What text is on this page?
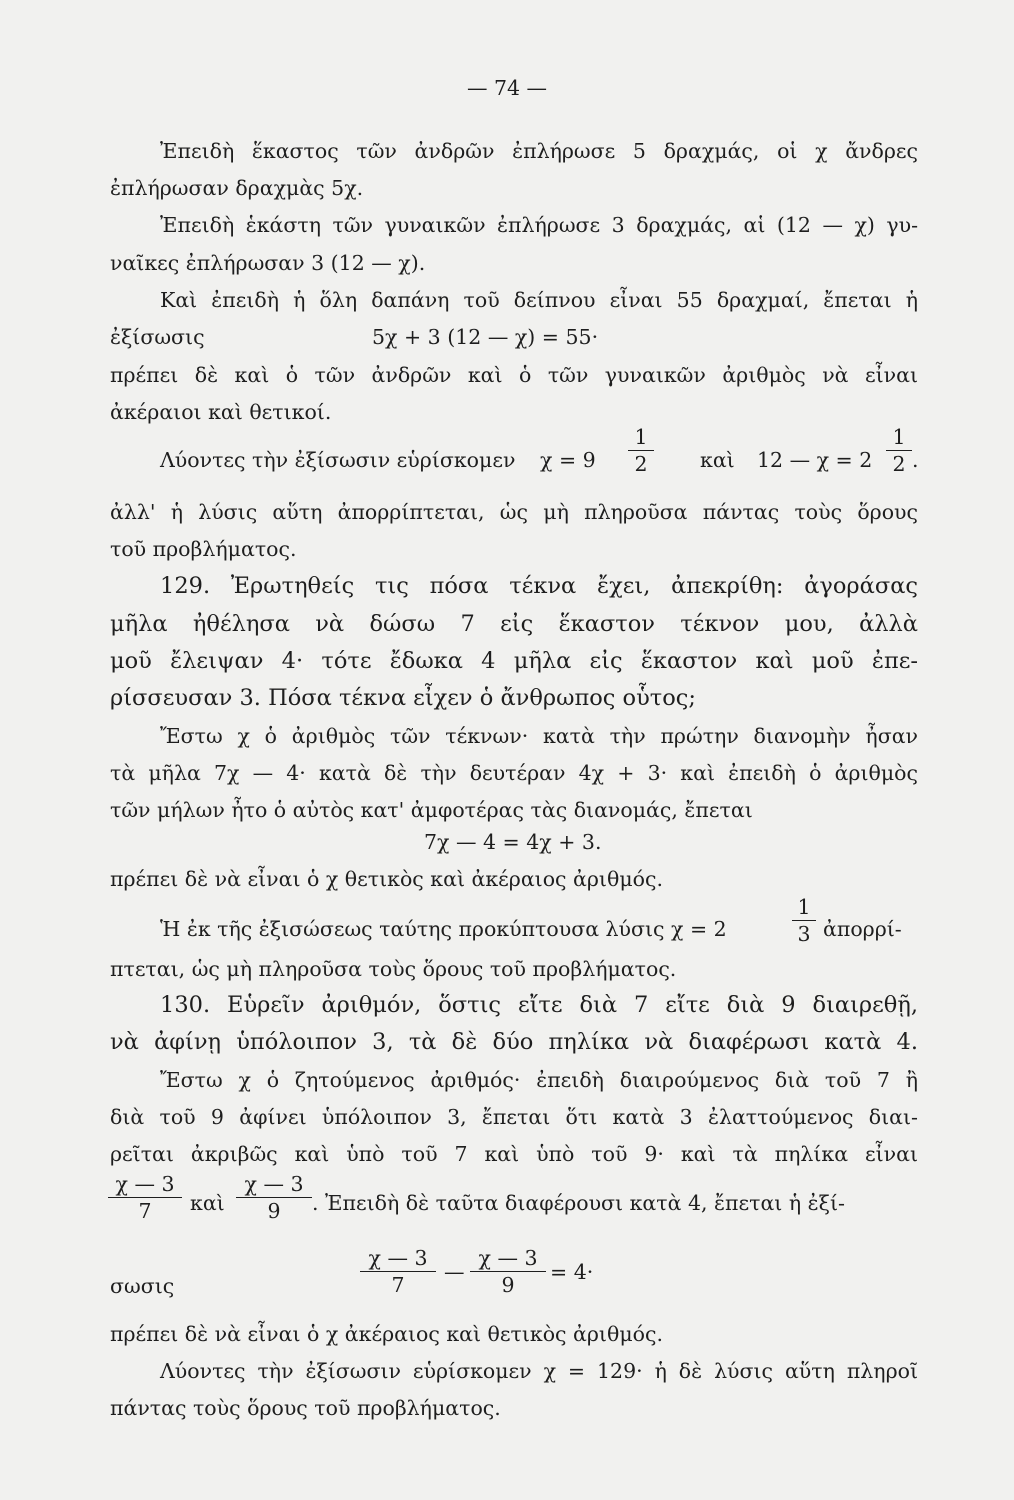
— 74 —
Ἐπειδὴ ἕκαστος τῶν ἀνδρῶν ἐπλήρωσε 5 δραχμάς, οἱ χ ἄνδρες
ἐπλήρωσαν δραχμὰς 5χ.
Ἐπειδὴ ἑκάστη τῶν γυναικῶν ἐπλήρωσε 3 δραχμάς, αἱ (12 — χ) γυ-
ναῖκες ἐπλήρωσαν 3 (12 — χ).
Καὶ ἐπειδὴ ἡ ὅλη δαπάνη τοῦ δείπνου εἶναι 55 δραχμαί, ἔπεται ἡ
ἐξίσωσις	5χ + 3 (12 — χ) = 55·
πρέπει δὲ καὶ ὁ τῶν ἀνδρῶν καὶ ὁ τῶν γυναικῶν ἀριθμὸς νὰ εἶναι
ἀκέραιοι καὶ θετικοί.
Λύοντες τὴν ἐξίσωσιν εὑρίσκομεν χ = 9
1
2	καὶ 12 — χ = 2
1
2 .
ἀλλ' ἡ λύσις αὕτη ἀπορρίπτεται, ὡς μὴ πληροῦσα πάντας τοὺς ὅρους
τοῦ προβλήματος.
129. Ἐρωτηθείς τις πόσα τέκνα ἔχει, ἀπεκρίθη: ἀγοράσας
μῆλα ἠθέλησα νὰ δώσω 7 εἰς ἕκαστον τέκνον μου, ἀλλὰ
μοῦ ἔλειψαν 4· τότε ἔδωκα 4 μῆλα εἰς ἕκαστον καὶ μοῦ ἐπε-
ρίσσευσαν 3. Πόσα τέκνα εἶχεν ὁ ἄνθρωπος οὗτος;
Ἔστω χ ὁ ἀριθμὸς τῶν τέκνων· κατὰ τὴν πρώτην διανομὴν ἦσαν
τὰ μῆλα 7χ — 4· κατὰ δὲ τὴν δευτέραν 4χ + 3· καὶ ἐπειδὴ ὁ ἀριθμὸς
τῶν μήλων ἦτο ὁ αὐτὸς κατ' ἀμφοτέρας τὰς διανομάς, ἔπεται
7χ — 4 = 4χ + 3.
πρέπει δὲ νὰ εἶναι ὁ χ θετικὸς καὶ ἀκέραιος ἀριθμός.
Ἡ ἐκ τῆς ἐξισώσεως ταύτης προκύπτουσα λύσις χ = 2
1
3 ἀπορρί-
πτεται, ὡς μὴ πληροῦσα τοὺς ὅρους τοῦ προβλήματος.
130. Εὑρεῖν ἀριθμόν, ὅστις εἴτε διὰ 7 εἴτε διὰ 9 διαιρεθῇ,
νὰ ἀφίνῃ ὑπόλοιπον 3, τὰ δὲ δύο πηλίκα νὰ διαφέρωσι κατὰ 4.
Ἔστω χ ὁ ζητούμενος ἀριθμός· ἐπειδὴ διαιρούμενος διὰ τοῦ 7 ἢ
διὰ τοῦ 9 ἀφίνει ὑπόλοιπον 3, ἔπεται ὅτι κατὰ 3 ἐλαττούμενος διαι-
ρεῖται ἀκριβῶς καὶ ὑπὸ τοῦ 7 καὶ ὑπὸ τοῦ 9· καὶ τὰ πηλίκα εἶναι
χ — 3
7	καὶ
χ — 3
9	. Ἐπειδὴ δὲ ταῦτα διαφέρουσι κατὰ 4, ἔπεται ἡ ἐξί-
σωσις
χ — 3
7
—
χ — 3
9
= 4·
πρέπει δὲ νὰ εἶναι ὁ χ ἀκέραιος καὶ θετικὸς ἀριθμός.
Λύοντες τὴν ἐξίσωσιν εὑρίσκομεν χ = 129· ἡ δὲ λύσις αὕτη πληροῖ
πάντας τοὺς ὅρους τοῦ προβλήματος.
